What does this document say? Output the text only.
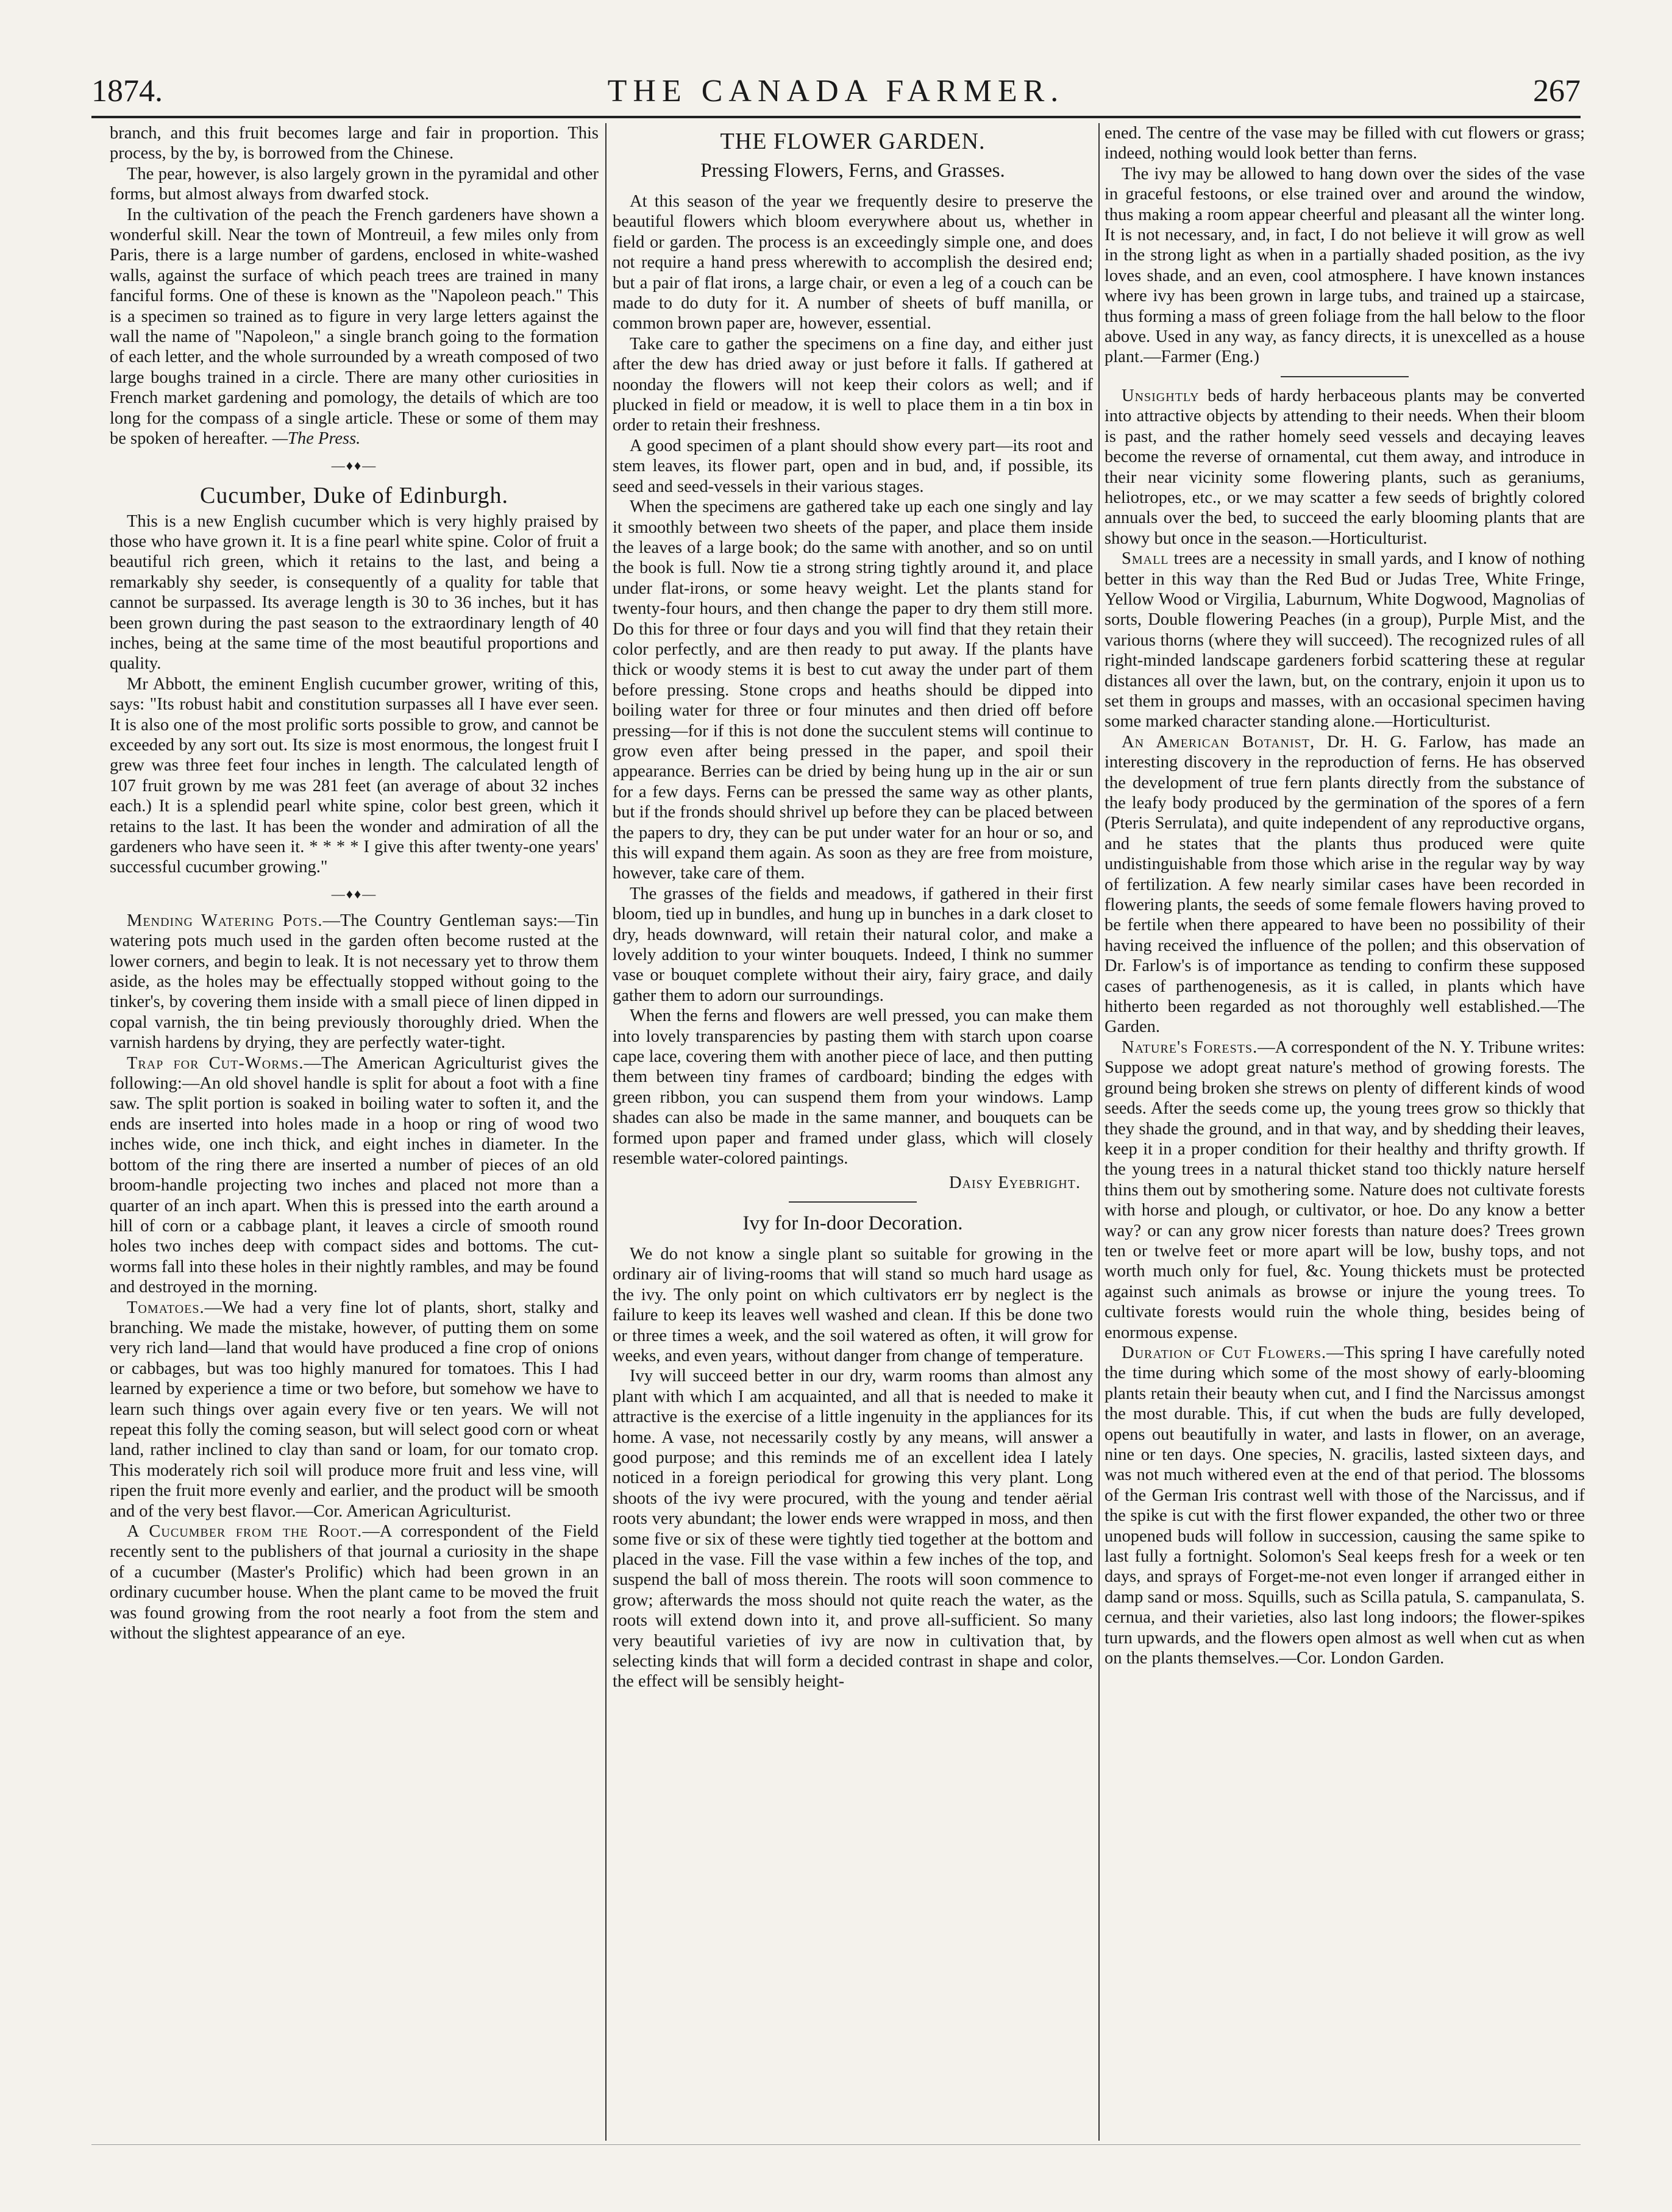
1874.	THE CANADA FARMER.	267

branch, and this fruit becomes large and fair in proportion. This process, by the by, is borrowed from the Chinese.

The pear, however, is also largely grown in the pyramidal and other forms, but almost always from dwarfed stock.

In the cultivation of the peach the French gardeners have shown a wonderful skill. Near the town of Montreuil, a few miles only from Paris, there is a large number of gardens, enclosed in white-washed walls, against the surface of which peach trees are trained in many fanciful forms. One of these is known as the "Napoleon peach." This is a specimen so trained as to figure in very large letters against the wall the name of "Napoleon," a single branch going to the formation of each letter, and the whole surrounded by a wreath composed of two large boughs trained in a circle. There are many other curiosities in French market gardening and pomology, the details of which are too long for the compass of a single article. These or some of them may be spoken of hereafter. —The Press.

—♦♦—
Cucumber, Duke of Edinburgh.

This is a new English cucumber which is very highly praised by those who have grown it. It is a fine pearl white spine. Color of fruit a beautiful rich green, which it retains to the last, and being a remarkably shy seeder, is consequently of a quality for table that cannot be surpassed. Its average length is 30 to 36 inches, but it has been grown during the past season to the extraordinary length of 40 inches, being at the same time of the most beautiful proportions and quality.

Mr Abbott, the eminent English cucumber grower, writing of this, says: "Its robust habit and constitution surpasses all I have ever seen. It is also one of the most prolific sorts possible to grow, and cannot be exceeded by any sort out. Its size is most enormous, the longest fruit I grew was three feet four inches in length. The calculated length of 107 fruit grown by me was 281 feet (an average of about 32 inches each.) It is a splendid pearl white spine, color best green, which it retains to the last. It has been the wonder and admiration of all the gardeners who have seen it. * * * * I give this after twenty-one years' successful cucumber growing."

—♦♦—

Mending Watering Pots.—The Country Gentleman says:—Tin watering pots much used in the garden often become rusted at the lower corners, and begin to leak. It is not necessary yet to throw them aside, as the holes may be effectually stopped without going to the tinker's, by covering them inside with a small piece of linen dipped in copal varnish, the tin being previously thoroughly dried. When the varnish hardens by drying, they are perfectly water-tight.

Trap for Cut-Worms.—The American Agriculturist gives the following:—An old shovel handle is split for about a foot with a fine saw. The split portion is soaked in boiling water to soften it, and the ends are inserted into holes made in a hoop or ring of wood two inches wide, one inch thick, and eight inches in diameter. In the bottom of the ring there are inserted a number of pieces of an old broom-handle projecting two inches and placed not more than a quarter of an inch apart. When this is pressed into the earth around a hill of corn or a cabbage plant, it leaves a circle of smooth round holes two inches deep with compact sides and bottoms. The cut-worms fall into these holes in their nightly rambles, and may be found and destroyed in the morning.

Tomatoes.—We had a very fine lot of plants, short, stalky and branching. We made the mistake, however, of putting them on some very rich land—land that would have produced a fine crop of onions or cabbages, but was too highly manured for tomatoes. This I had learned by experience a time or two before, but somehow we have to learn such things over again every five or ten years. We will not repeat this folly the coming season, but will select good corn or wheat land, rather inclined to clay than sand or loam, for our tomato crop. This moderately rich soil will produce more fruit and less vine, will ripen the fruit more evenly and earlier, and the product will be smooth and of the very best flavor.—Cor. American Agriculturist.

A Cucumber from the Root.—A correspondent of the Field recently sent to the publishers of that journal a curiosity in the shape of a cucumber (Master's Prolific) which had been grown in an ordinary cucumber house. When the plant came to be moved the fruit was found growing from the root nearly a foot from the stem and without the slightest appearance of an eye.

THE FLOWER GARDEN.
Pressing Flowers, Ferns, and Grasses.

At this season of the year we frequently desire to preserve the beautiful flowers which bloom everywhere about us, whether in field or garden. The process is an exceedingly simple one, and does not require a hand press wherewith to accomplish the desired end; but a pair of flat irons, a large chair, or even a leg of a couch can be made to do duty for it. A number of sheets of buff manilla, or common brown paper are, however, essential.

Take care to gather the specimens on a fine day, and either just after the dew has dried away or just before it falls. If gathered at noonday the flowers will not keep their colors as well; and if plucked in field or meadow, it is well to place them in a tin box in order to retain their freshness.

A good specimen of a plant should show every part—its root and stem leaves, its flower part, open and in bud, and, if possible, its seed and seed-vessels in their various stages.

When the specimens are gathered take up each one singly and lay it smoothly between two sheets of the paper, and place them inside the leaves of a large book; do the same with another, and so on until the book is full. Now tie a strong string tightly around it, and place under flat-irons, or some heavy weight. Let the plants stand for twenty-four hours, and then change the paper to dry them still more. Do this for three or four days and you will find that they retain their color perfectly, and are then ready to put away. If the plants have thick or woody stems it is best to cut away the under part of them before pressing. Stone crops and heaths should be dipped into boiling water for three or four minutes and then dried off before pressing—for if this is not done the succulent stems will continue to grow even after being pressed in the paper, and spoil their appearance. Berries can be dried by being hung up in the air or sun for a few days. Ferns can be pressed the same way as other plants, but if the fronds should shrivel up before they can be placed between the papers to dry, they can be put under water for an hour or so, and this will expand them again. As soon as they are free from moisture, however, take care of them.

The grasses of the fields and meadows, if gathered in their first bloom, tied up in bundles, and hung up in bunches in a dark closet to dry, heads downward, will retain their natural color, and make a lovely addition to your winter bouquets. Indeed, I think no summer vase or bouquet complete without their airy, fairy grace, and daily gather them to adorn our surroundings.

When the ferns and flowers are well pressed, you can make them into lovely transparencies by pasting them with starch upon coarse cape lace, covering them with another piece of lace, and then putting them between tiny frames of cardboard; binding the edges with green ribbon, you can suspend them from your windows. Lamp shades can also be made in the same manner, and bouquets can be formed upon paper and framed under glass, which will closely resemble water-colored paintings.

Daisy Eyebright.
Ivy for In-door Decoration.

We do not know a single plant so suitable for growing in the ordinary air of living-rooms that will stand so much hard usage as the ivy. The only point on which cultivators err by neglect is the failure to keep its leaves well washed and clean. If this be done two or three times a week, and the soil watered as often, it will grow for weeks, and even years, without danger from change of temperature.

Ivy will succeed better in our dry, warm rooms than almost any plant with which I am acquainted, and all that is needed to make it attractive is the exercise of a little ingenuity in the appliances for its home. A vase, not necessarily costly by any means, will answer a good purpose; and this reminds me of an excellent idea I lately noticed in a foreign periodical for growing this very plant. Long shoots of the ivy were procured, with the young and tender aërial roots very abundant; the lower ends were wrapped in moss, and then some five or six of these were tightly tied together at the bottom and placed in the vase. Fill the vase within a few inches of the top, and suspend the ball of moss therein. The roots will soon commence to grow; afterwards the moss should not quite reach the water, as the roots will extend down into it, and prove all-sufficient. So many very beautiful varieties of ivy are now in cultivation that, by selecting kinds that will form a decided contrast in shape and color, the effect will be sensibly height-

ened. The centre of the vase may be filled with cut flowers or grass; indeed, nothing would look better than ferns.

The ivy may be allowed to hang down over the sides of the vase in graceful festoons, or else trained over and around the window, thus making a room appear cheerful and pleasant all the winter long. It is not necessary, and, in fact, I do not believe it will grow as well in the strong light as when in a partially shaded position, as the ivy loves shade, and an even, cool atmosphere. I have known instances where ivy has been grown in large tubs, and trained up a staircase, thus forming a mass of green foliage from the hall below to the floor above. Used in any way, as fancy directs, it is unexcelled as a house plant.—Farmer (Eng.)

Unsightly beds of hardy herbaceous plants may be converted into attractive objects by attending to their needs. When their bloom is past, and the rather homely seed vessels and decaying leaves become the reverse of ornamental, cut them away, and introduce in their near vicinity some flowering plants, such as geraniums, heliotropes, etc., or we may scatter a few seeds of brightly colored annuals over the bed, to succeed the early blooming plants that are showy but once in the season.—Horticulturist.

Small trees are a necessity in small yards, and I know of nothing better in this way than the Red Bud or Judas Tree, White Fringe, Yellow Wood or Virgilia, Laburnum, White Dogwood, Magnolias of sorts, Double flowering Peaches (in a group), Purple Mist, and the various thorns (where they will succeed). The recognized rules of all right-minded landscape gardeners forbid scattering these at regular distances all over the lawn, but, on the contrary, enjoin it upon us to set them in groups and masses, with an occasional specimen having some marked character standing alone.—Horticulturist.

An American Botanist, Dr. H. G. Farlow, has made an interesting discovery in the reproduction of ferns. He has observed the development of true fern plants directly from the substance of the leafy body produced by the germination of the spores of a fern (Pteris Serrulata), and quite independent of any reproductive organs, and he states that the plants thus produced were quite undistinguishable from those which arise in the regular way by way of fertilization. A few nearly similar cases have been recorded in flowering plants, the seeds of some female flowers having proved to be fertile when there appeared to have been no possibility of their having received the influence of the pollen; and this observation of Dr. Farlow's is of importance as tending to confirm these supposed cases of parthenogenesis, as it is called, in plants which have hitherto been regarded as not thoroughly well established.—The Garden.

Nature's Forests.—A correspondent of the N. Y. Tribune writes: Suppose we adopt great nature's method of growing forests. The ground being broken she strews on plenty of different kinds of wood seeds. After the seeds come up, the young trees grow so thickly that they shade the ground, and in that way, and by shedding their leaves, keep it in a proper condition for their healthy and thrifty growth. If the young trees in a natural thicket stand too thickly nature herself thins them out by smothering some. Nature does not cultivate forests with horse and plough, or cultivator, or hoe. Do any know a better way? or can any grow nicer forests than nature does? Trees grown ten or twelve feet or more apart will be low, bushy tops, and not worth much only for fuel, &c. Young thickets must be protected against such animals as browse or injure the young trees. To cultivate forests would ruin the whole thing, besides being of enormous expense.

Duration of Cut Flowers.—This spring I have carefully noted the time during which some of the most showy of early-blooming plants retain their beauty when cut, and I find the Narcissus amongst the most durable. This, if cut when the buds are fully developed, opens out beautifully in water, and lasts in flower, on an average, nine or ten days. One species, N. gracilis, lasted sixteen days, and was not much withered even at the end of that period. The blossoms of the German Iris contrast well with those of the Narcissus, and if the spike is cut with the first flower expanded, the other two or three unopened buds will follow in succession, causing the same spike to last fully a fortnight. Solomon's Seal keeps fresh for a week or ten days, and sprays of Forget-me-not even longer if arranged either in damp sand or moss. Squills, such as Scilla patula, S. campanulata, S. cernua, and their varieties, also last long indoors; the flower-spikes turn upwards, and the flowers open almost as well when cut as when on the plants themselves.—Cor. London Garden.
